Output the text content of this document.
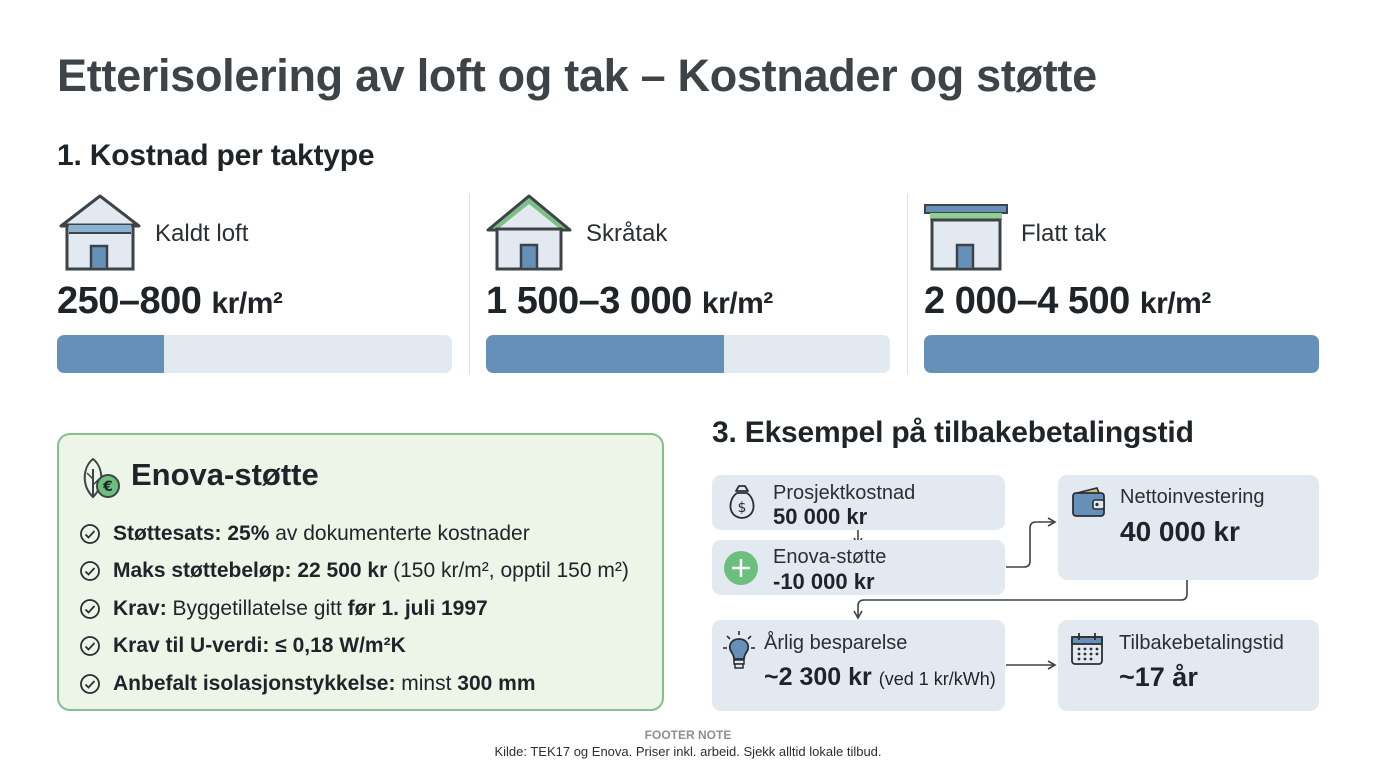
Etterisolering av loft og tak – Kostnader og støtte
1. Kostnad per taktype
Kaldt loft
250–800 kr/m²
Skråtak
1 500–3 000 kr/m²
Flatt tak
2 000–4 500 kr/m²
€ Enova-støtte
Støttesats: 25% av dokumenterte kostnader
Maks støttebeløp: 22 500 kr (150 kr/m², opptil 150 m²)
Krav: Byggetillatelse gitt før 1. juli 1997
Krav til U-verdi: ≤ 0,18 W/m²K
Anbefalt isolasjonstykkelse: minst 300 mm
3. Eksempel på tilbakebetalingstid
$
Prosjektkostnad
50 000 kr
Enova-støtte
-10 000 kr
Nettoinvestering
40 000 kr
Årlig besparelse
~2 300 kr (ved 1 kr/kWh)
Tilbakebetalingstid
~17 år
FOOTER NOTE
Kilde: TEK17 og Enova. Priser inkl. arbeid. Sjekk alltid lokale tilbud.
